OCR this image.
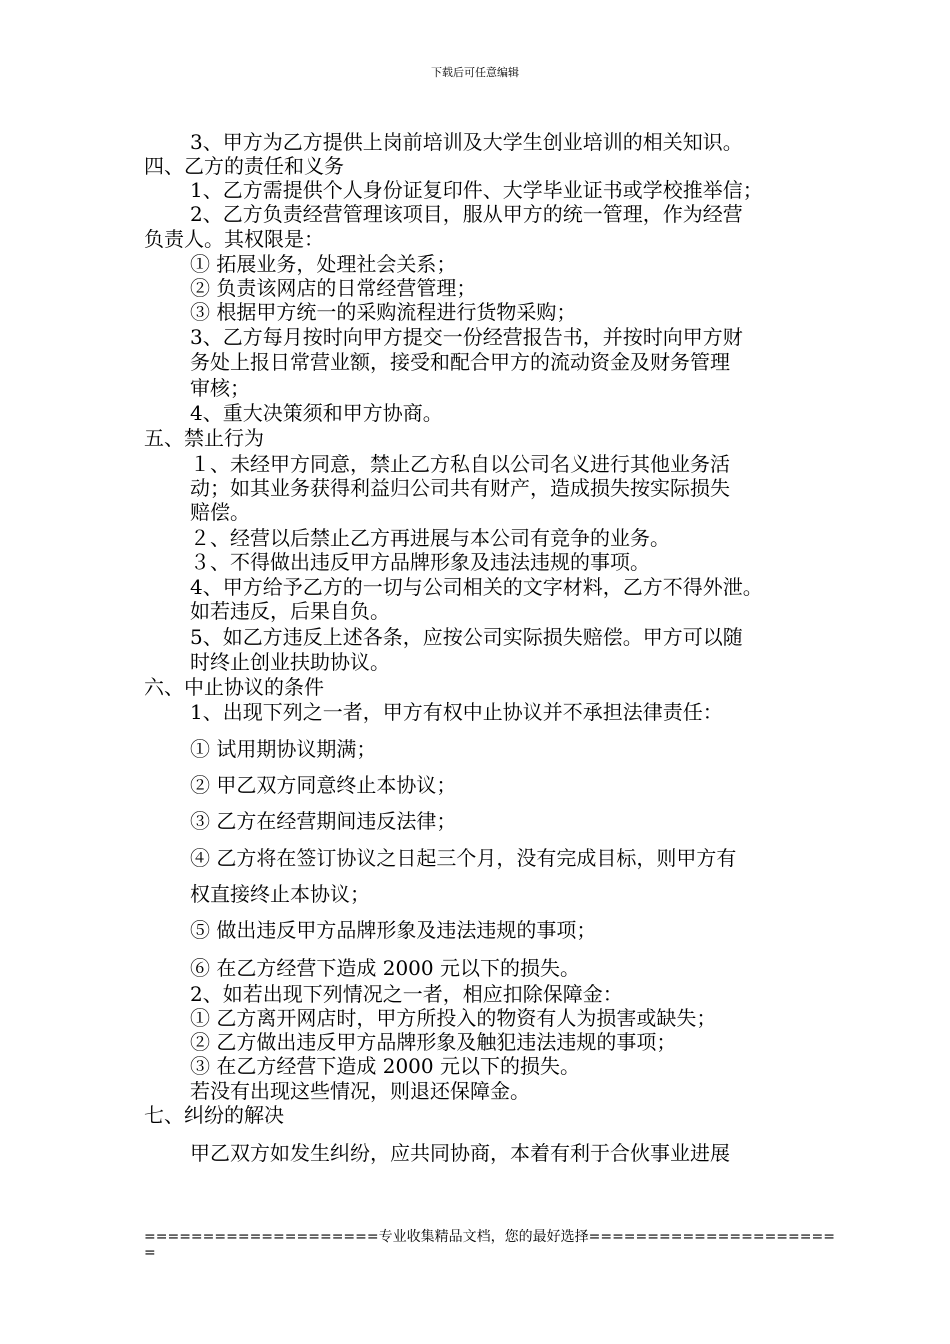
下载后可任意编辑
3、甲方为乙方提供上岗前培训及大学生创业培训的相关知识。
四、乙方的责任和义务
1、乙方需提供个人身份证复印件、大学毕业证书或学校推举信；
2、乙方负责经营管理该项目，服从甲方的统一管理，作为经营
负责人。其权限是：
① 拓展业务，处理社会关系；
② 负责该网店的日常经营管理；
③ 根据甲方统一的采购流程进行货物采购；
3、乙方每月按时向甲方提交一份经营报告书，并按时向甲方财
务处上报日常营业额，接受和配合甲方的流动资金及财务管理
审核；
4、重大决策须和甲方协商。
五、禁止行为
１、未经甲方同意，禁止乙方私自以公司名义进行其他业务活
动；如其业务获得利益归公司共有财产，造成损失按实际损失
赔偿。
２、经营以后禁止乙方再进展与本公司有竞争的业务。
３、不得做出违反甲方品牌形象及违法违规的事项。
4、甲方给予乙方的一切与公司相关的文字材料，乙方不得外泄。
如若违反，后果自负。
5、如乙方违反上述各条，应按公司实际损失赔偿。甲方可以随
时终止创业扶助协议。
六、中止协议的条件
1、出现下列之一者，甲方有权中止协议并不承担法律责任：
① 试用期协议期满；
② 甲乙双方同意终止本协议；
③ 乙方在经营期间违反法律；
④ 乙方将在签订协议之日起三个月，没有完成目标，则甲方有
权直接终止本协议；
⑤ 做出违反甲方品牌形象及违法违规的事项；
⑥ 在乙方经营下造成 2000 元以下的损失。
2、如若出现下列情况之一者，相应扣除保障金：
① 乙方离开网店时，甲方所投入的物资有人为损害或缺失；
② 乙方做出违反甲方品牌形象及触犯违法违规的事项；
③ 在乙方经营下造成 2000 元以下的损失。
若没有出现这些情况，则退还保障金。
七、纠纷的解决
甲乙双方如发生纠纷，应共同协商，本着有利于合伙事业进展
====================专业收集精品文档，您的最好选择=====================
=
